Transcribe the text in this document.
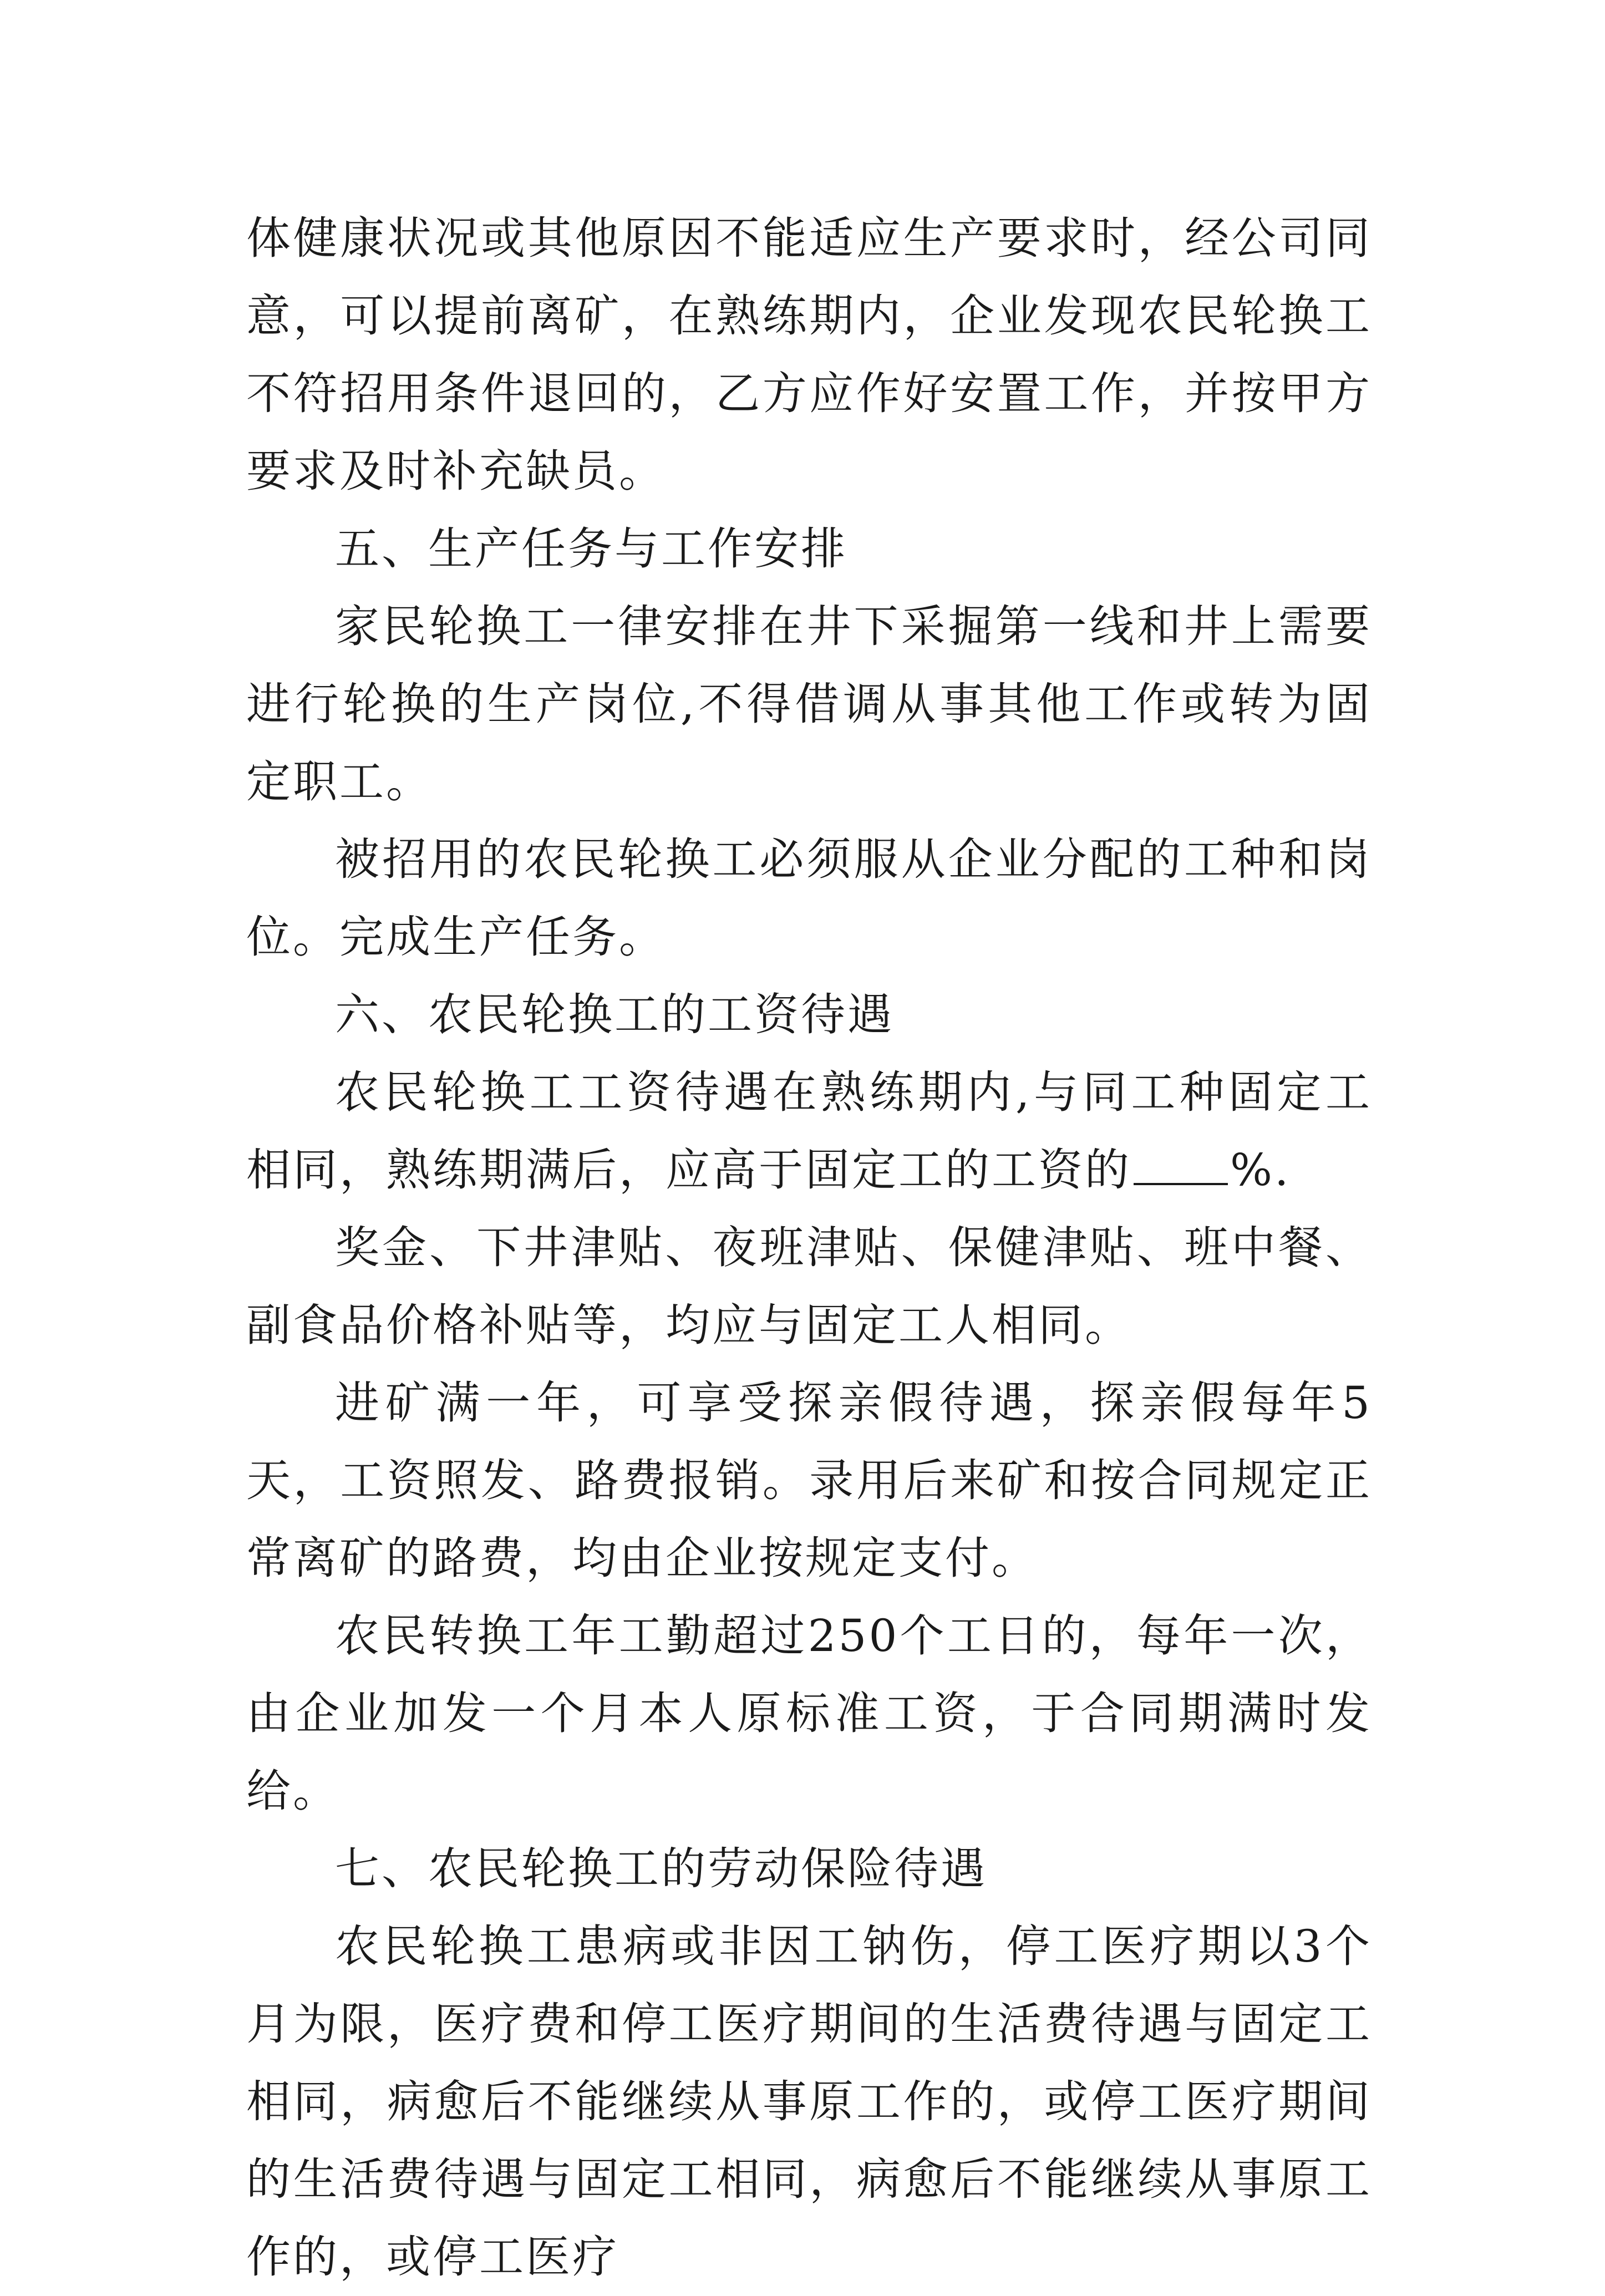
体健康状况或其他原因不能适应生产要求时，经公司同意，可以提前离矿，在熟练期内，企业发现农民轮换工不符招用条件退回的，乙方应作好安置工作，并按甲方要求及时补充缺员。

五、生产任务与工作安排

家民轮换工一律安排在井下采掘第一线和井上需要进行轮换的生产岗位,不得借调从事其他工作或转为固定职工。

被招用的农民轮换工必须服从企业分配的工种和岗位。完成生产任务。

六、农民轮换工的工资待遇

农民轮换工工资待遇在熟练期内,与同工种固定工相同，熟练期满后，应高于固定工的工资的 %.

奖金、下井津贴、夜班津贴、保健津贴、班中餐、副食品价格补贴等，均应与固定工人相同。

进矿满一年，可享受探亲假待遇，探亲假每年5天，工资照发、路费报销。录用后来矿和按合同规定正常离矿的路费，均由企业按规定支付。

农民转换工年工勤超过250个工日的，每年一次，由企业加发一个月本人原标准工资，于合同期满时发给。

七、农民轮换工的劳动保险待遇

农民轮换工患病或非因工钠伤，停工医疗期以3个月为限，医疗费和停工医疗期间的生活费待遇与固定工相同，病愈后不能继续从事原工作的，或停工医疗期间的生活费待遇与固定工相同，病愈后不能继续从事原工作的，或停工医疗
